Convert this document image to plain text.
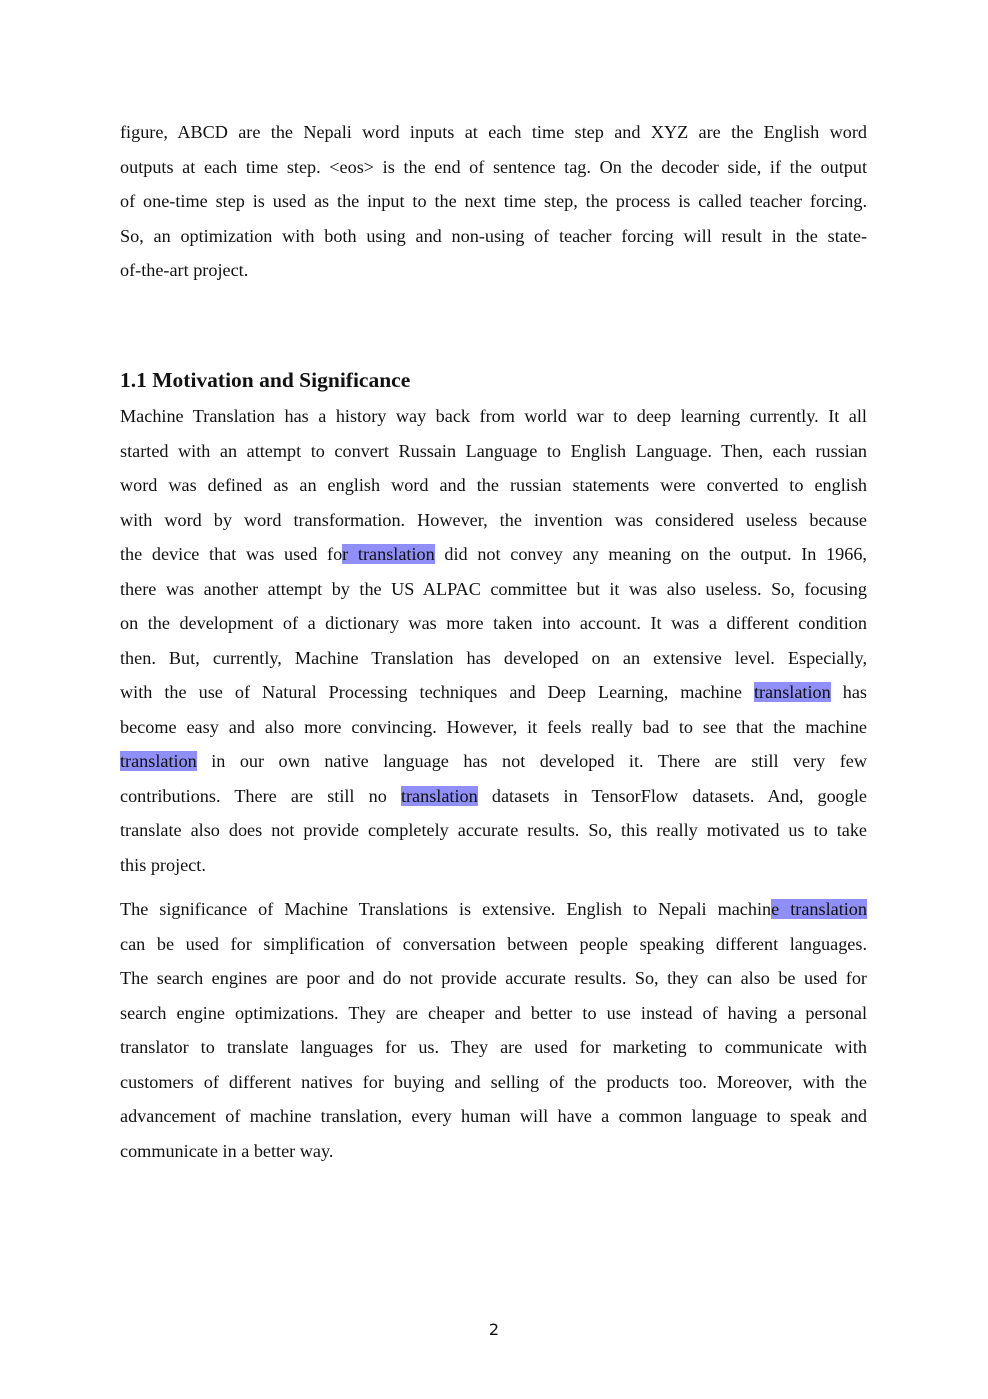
figure, ABCD are the Nepali word inputs at each time step and XYZ are the English word
outputs at each time step. <eos> is the end of sentence tag. On the decoder side, if the output
of one-time step is used as the input to the next time step, the process is called teacher forcing.
So, an optimization with both using and non-using of teacher forcing will result in the state-
of-the-art project.
1.1 Motivation and Significance
Machine Translation has a history way back from world war to deep learning currently. It all
started with an attempt to convert Russain Language to English Language. Then, each russian
word was defined as an english word and the russian statements were converted to english
with word by word transformation. However, the invention was considered useless because
the device that was used for translation did not convey any meaning on the output. In 1966,
there was another attempt by the US ALPAC committee but it was also useless. So, focusing
on the development of a dictionary was more taken into account. It was a different condition
then. But, currently, Machine Translation has developed on an extensive level. Especially,
with the use of Natural Processing techniques and Deep Learning, machine translation has
become easy and also more convincing. However, it feels really bad to see that the machine
translation in our own native language has not developed it. There are still very few
contributions. There are still no translation datasets in TensorFlow datasets. And, google
translate also does not provide completely accurate results. So, this really motivated us to take
this project.
The significance of Machine Translations is extensive. English to Nepali machine translation
can be used for simplification of conversation between people speaking different languages.
The search engines are poor and do not provide accurate results. So, they can also be used for
search engine optimizations. They are cheaper and better to use instead of having a personal
translator to translate languages for us. They are used for marketing to communicate with
customers of different natives for buying and selling of the products too. Moreover, with the
advancement of machine translation, every human will have a common language to speak and
communicate in a better way.
2
